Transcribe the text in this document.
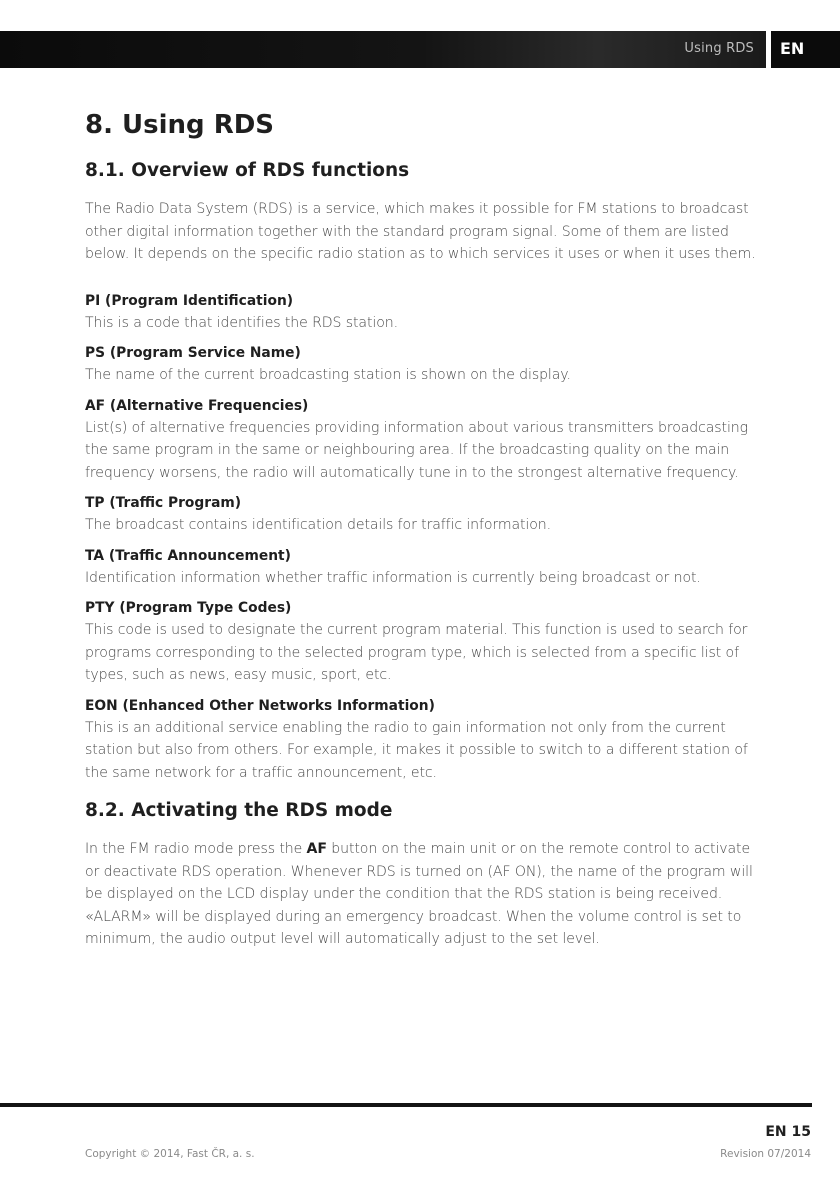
Using RDS EN
8. Using RDS
8.1. Overview of RDS functions

The Radio Data System (RDS) is a service, which makes it possible for FM stations to broadcast other digital information together with the standard program signal. Some of them are listed below. It depends on the specific radio station as to which services it uses or when it uses them.

PI (Program Identification)

This is a code that identifies the RDS station.

PS (Program Service Name)

The name of the current broadcasting station is shown on the display.

AF (Alternative Frequencies)

List(s) of alternative frequencies providing information about various transmitters broadcasting the same program in the same or neighbouring area. If the broadcasting quality on the main frequency worsens, the radio will automatically tune in to the strongest alternative frequency.

TP (Traffic Program)

The broadcast contains identification details for traffic information.

TA (Traffic Announcement)

Identification information whether traffic information is currently being broadcast or not.

PTY (Program Type Codes)

This code is used to designate the current program material. This function is used to search for programs corresponding to the selected program type, which is selected from a specific list of types, such as news, easy music, sport, etc.

EON (Enhanced Other Networks Information)

This is an additional service enabling the radio to gain information not only from the current station but also from others. For example, it makes it possible to switch to a different station of the same network for a traffic announcement, etc.

8.2. Activating the RDS mode

In the FM radio mode press the AF button on the main unit or on the remote control to activate or deactivate RDS operation. Whenever RDS is turned on (AF ON), the name of the program will be displayed on the LCD display under the condition that the RDS station is being received. «ALARM» will be displayed during an emergency broadcast. When the volume control is set to minimum, the audio output level will automatically adjust to the set level.

EN 15
Copyright © 2014, Fast ČR, a. s.	Revision 07/2014
